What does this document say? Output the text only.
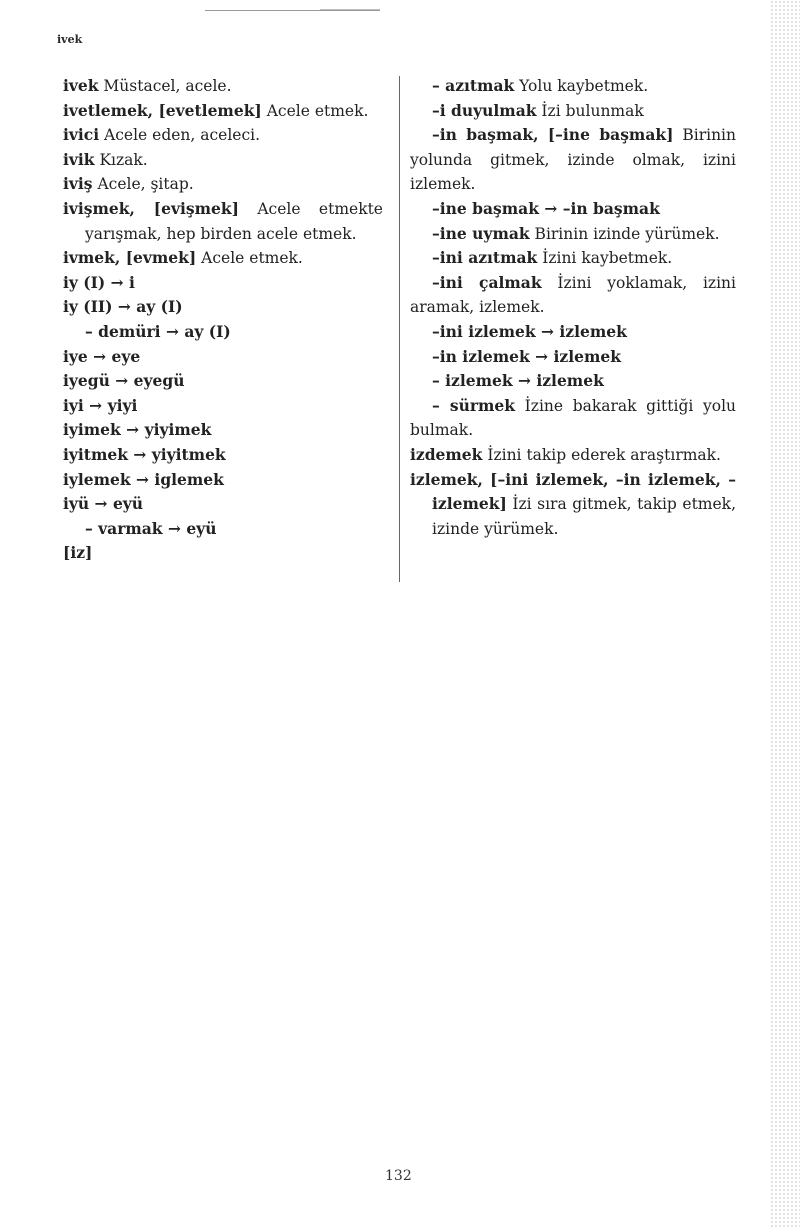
ivek
ivek Müstacel, acele.
ivetlemek, [evetlemek] Acele etmek.
ivici Acele eden, aceleci.
ivik Kızak.
iviş Acele, şitap.
ivişmek, [evişmek] Acele etmekte yarışmak, hep birden acele etmek.
ivmek, [evmek] Acele etmek.
iy (I) → i
iy (II) → ay (I)
– demüri → ay (I)
iye → eye
iyegü → eyegü
iyi → yiyi
iyimek → yiyimek
iyitmek → yiyitmek
iylemek → iglemek
iyü → eyü
– varmak → eyü
[iz]
– azıtmak Yolu kaybetmek.
–i duyulmak İzi bulunmak
–in başmak, [–ine başmak] Birinin yolunda gitmek, izinde olmak, izini izlemek.
–ine başmak → –in başmak
–ine uymak Birinin izinde yürümek.
–ini azıtmak İzini kaybetmek.
–ini çalmak İzini yoklamak, izini aramak, izlemek.
–ini izlemek → izlemek
–in izlemek → izlemek
– izlemek → izlemek
– sürmek İzine bakarak gittiği yolu bulmak.
izdemek İzini takip ederek araştırmak.
izlemek, [–ini izlemek, –in izlemek, – izlemek] İzi sıra gitmek, takip etmek, izinde yürümek.
132
